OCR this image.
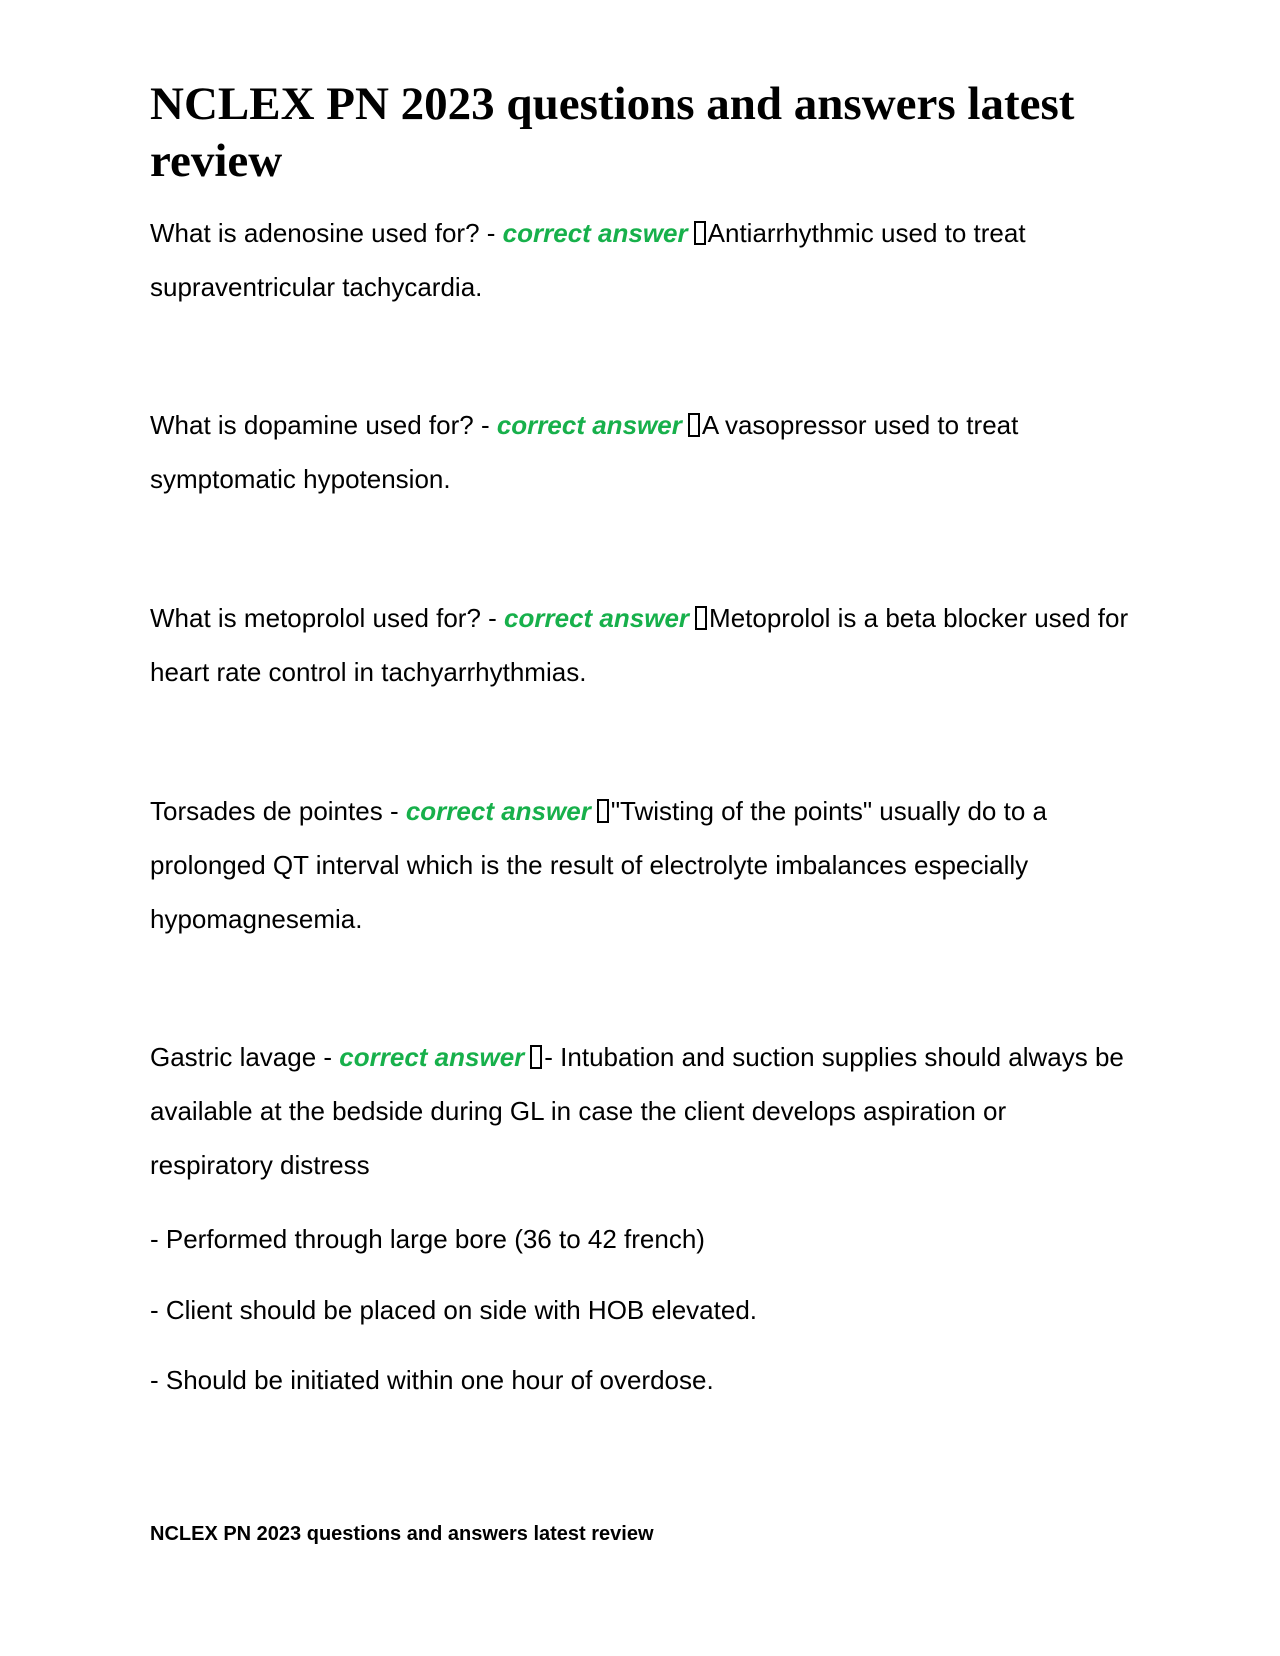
NCLEX PN 2023 questions and answers latest review

What is adenosine used for? - correct answer Antiarrhythmic used to treat supraventricular tachycardia.

What is dopamine used for? - correct answer A vasopressor used to treat symptomatic hypotension.

What is metoprolol used for? - correct answer Metoprolol is a beta blocker used for heart rate control in tachyarrhythmias.

Torsades de pointes - correct answer "Twisting of the points" usually do to a prolonged QT interval which is the result of electrolyte imbalances especially hypomagnesemia.

Gastric lavage - correct answer - Intubation and suction supplies should always be available at the bedside during GL in case the client develops aspiration or respiratory distress

- Performed through large bore (36 to 42 french)

- Client should be placed on side with HOB elevated.

- Should be initiated within one hour of overdose.

NCLEX PN 2023 questions and answers latest review
